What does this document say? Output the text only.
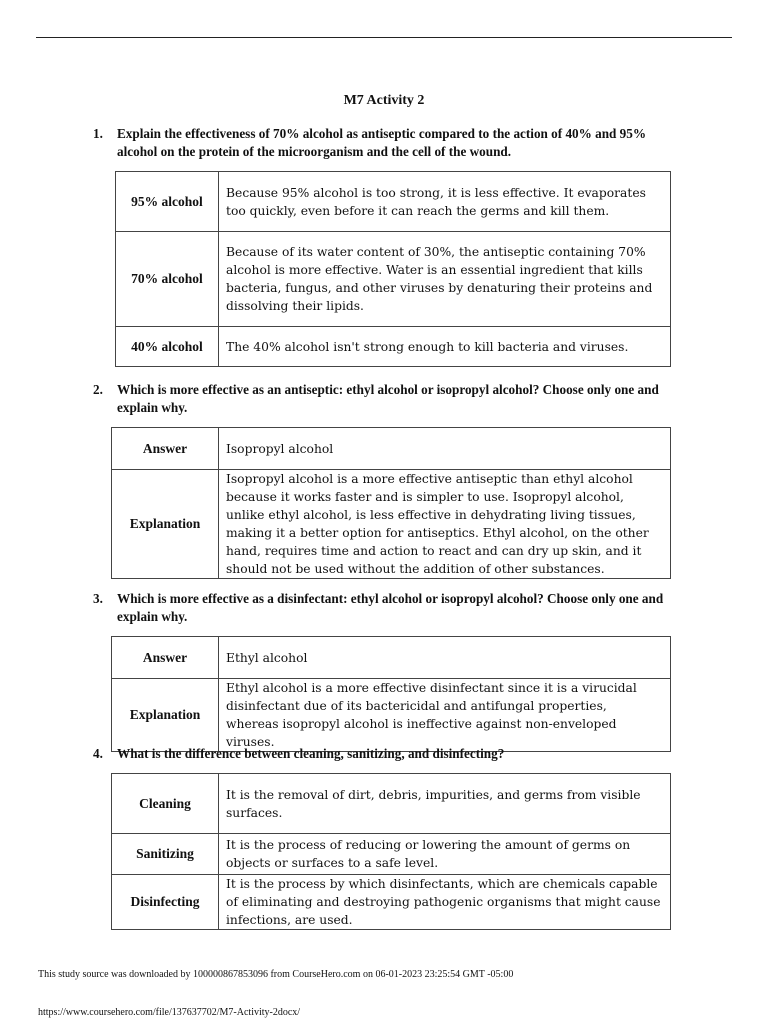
M7 Activity 2
1. Explain the effectiveness of 70% alcohol as antiseptic compared to the action of 40% and 95% alcohol on the protein of the microorganism and the cell of the wound.
95% alcohol	Because 95% alcohol is too strong, it is less effective. It evaporates too quickly, even before it can reach the germs and kill them.
70% alcohol	Because of its water content of 30%, the antiseptic containing 70% alcohol is more effective. Water is an essential ingredient that kills bacteria, fungus, and other viruses by denaturing their proteins and dissolving their lipids.
40% alcohol	The 40% alcohol isn't strong enough to kill bacteria and viruses.
2. Which is more effective as an antiseptic: ethyl alcohol or isopropyl alcohol? Choose only one and explain why.
Answer	Isopropyl alcohol
Explanation	Isopropyl alcohol is a more effective antiseptic than ethyl alcohol because it works faster and is simpler to use. Isopropyl alcohol, unlike ethyl alcohol, is less effective in dehydrating living tissues, making it a better option for antiseptics. Ethyl alcohol, on the other hand, requires time and action to react and can dry up skin, and it should not be used without the addition of other substances.
3. Which is more effective as a disinfectant: ethyl alcohol or isopropyl alcohol? Choose only one and explain why.
Answer	Ethyl alcohol
Explanation	Ethyl alcohol is a more effective disinfectant since it is a virucidal disinfectant due of its bactericidal and antifungal properties, whereas isopropyl alcohol is ineffective against non-enveloped viruses.
4. What is the difference between cleaning, sanitizing, and disinfecting?
Cleaning	It is the removal of dirt, debris, impurities, and germs from visible surfaces.
Sanitizing	It is the process of reducing or lowering the amount of germs on objects or surfaces to a safe level.
Disinfecting	It is the process by which disinfectants, which are chemicals capable of eliminating and destroying pathogenic organisms that might cause infections, are used.
This study source was downloaded by 100000867853096 from CourseHero.com on 06-01-2023 23:25:54 GMT -05:00
https://www.coursehero.com/file/137637702/M7-Activity-2docx/
